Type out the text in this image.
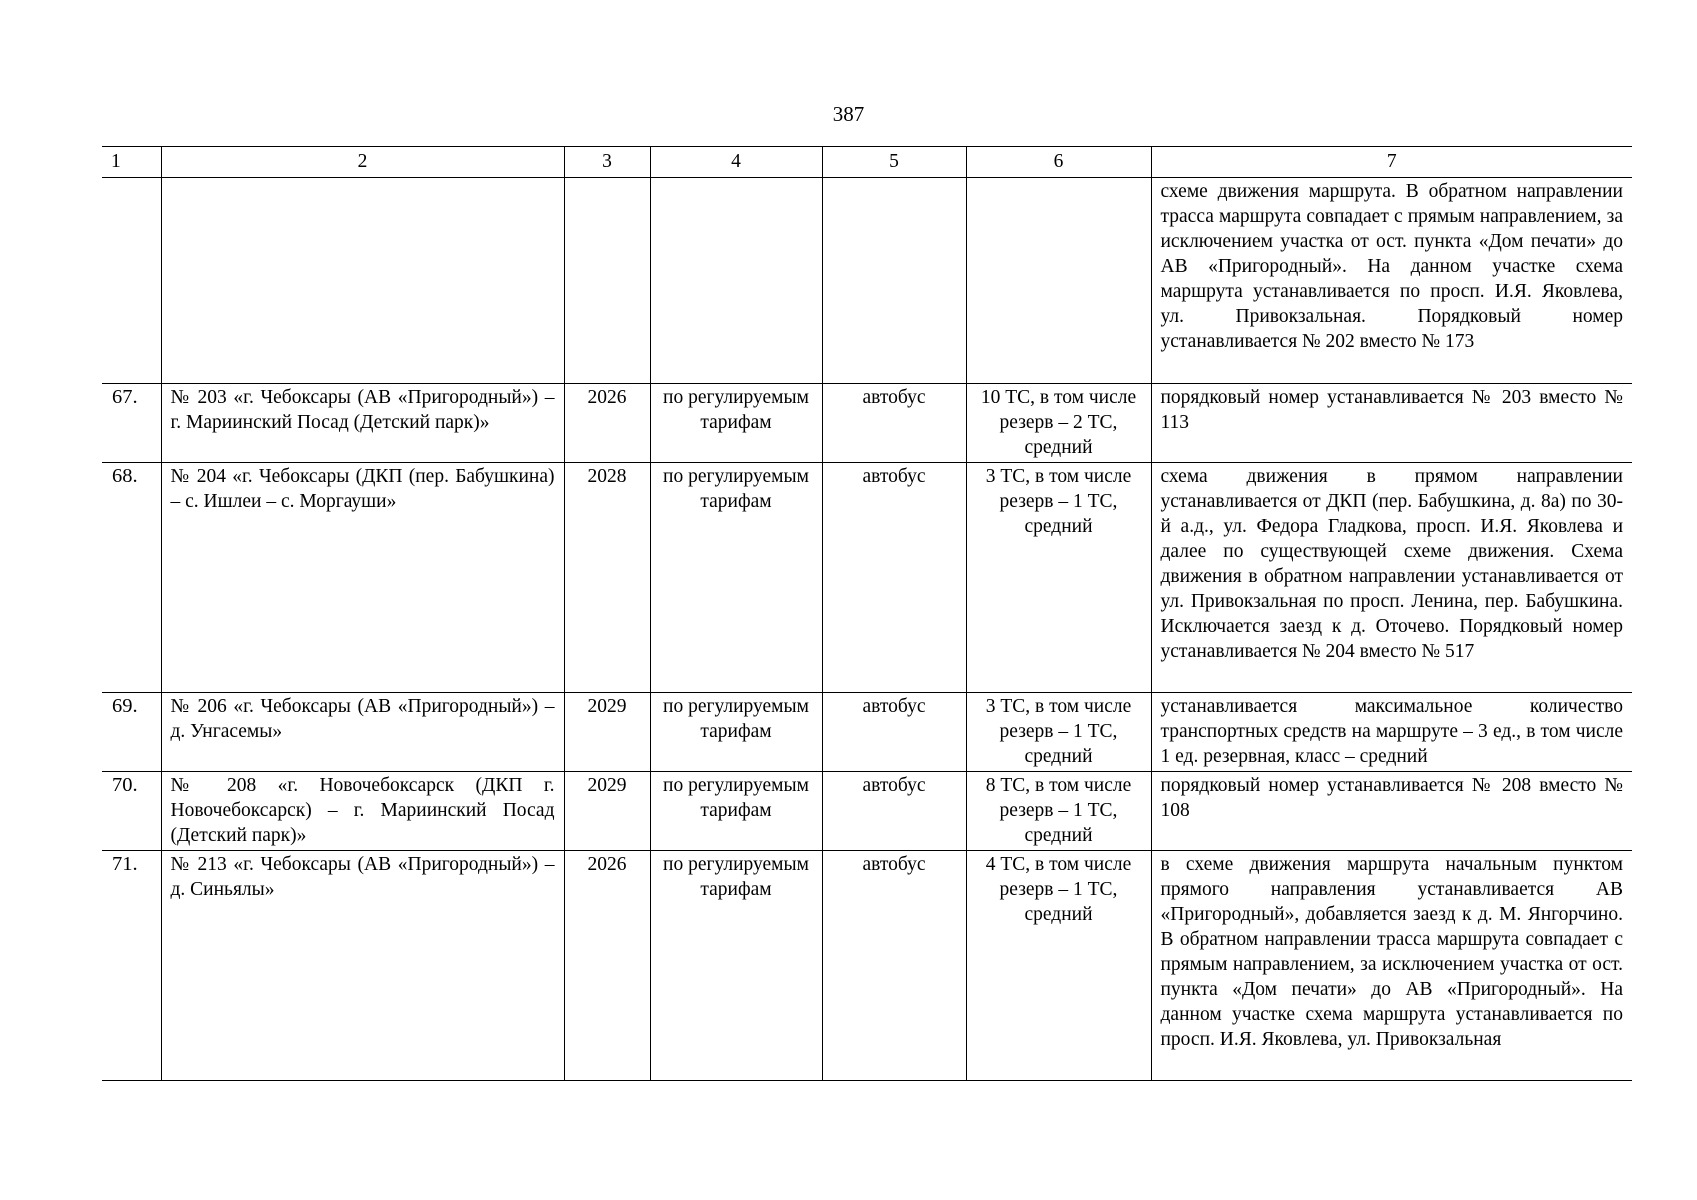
387
1	2	3	4	5	6	7
						схеме движения маршрута. В обратном направлении трасса маршрута совпадает с прямым направлением, за исключением участка от ост. пункта «Дом печати» до АВ «Пригородный». На данном участке схема маршрута устанавливается по просп. И.Я. Яковлева, ул. Привокзальная. Порядковый номер устанавливается № 202 вместо № 173
67.	№ 203 «г. Чебоксары (АВ «Пригородный») – г. Мариинский Посад (Детский парк)»	2026	по регулируемым тарифам	автобус	10 ТС, в том числе резерв – 2 ТС, средний	порядковый номер устанавливается № 203 вместо № 113
68.	№ 204 «г. Чебоксары (ДКП (пер. Бабушкина) – с. Ишлеи – с. Моргауши»	2028	по регулируемым тарифам	автобус	3 ТС, в том числе резерв – 1 ТС, средний	схема движения в прямом направлении устанавливается от ДКП (пер. Бабушкина, д. 8а) по 30-й а.д., ул. Федора Гладкова, просп. И.Я. Яковлева и далее по существующей схеме движения. Схема движения в обратном направлении устанавливается от ул. Привокзальная по просп. Ленина, пер. Бабушкина. Исключается заезд к д. Оточево. Порядковый номер устанавливается № 204 вместо № 517
69.	№ 206 «г. Чебоксары (АВ «Пригородный») – д. Унгасемы»	2029	по регулируемым тарифам	автобус	3 ТС, в том числе резерв – 1 ТС, средний	устанавливается максимальное количество транспортных средств на маршруте – 3 ед., в том числе 1 ед. резервная, класс – средний
70.	№ 208 «г. Новочебоксарск (ДКП г. Новочебоксарск) – г. Мариинский Посад (Детский парк)»	2029	по регулируемым тарифам	автобус	8 ТС, в том числе резерв – 1 ТС, средний	порядковый номер устанавливается № 208 вместо № 108
71.	№ 213 «г. Чебоксары (АВ «Пригородный») – д. Синьялы»	2026	по регулируемым тарифам	автобус	4 ТС, в том числе резерв – 1 ТС, средний	в схеме движения маршрута начальным пунктом прямого направления устанавливается АВ «Пригородный», добавляется заезд к д. М. Янгорчино. В обратном направлении трасса маршрута совпадает с прямым направлением, за исключением участка от ост. пункта «Дом печати» до АВ «Пригородный». На данном участке схема маршрута устанавливается по просп. И.Я. Яковлева, ул. Привокзальная
